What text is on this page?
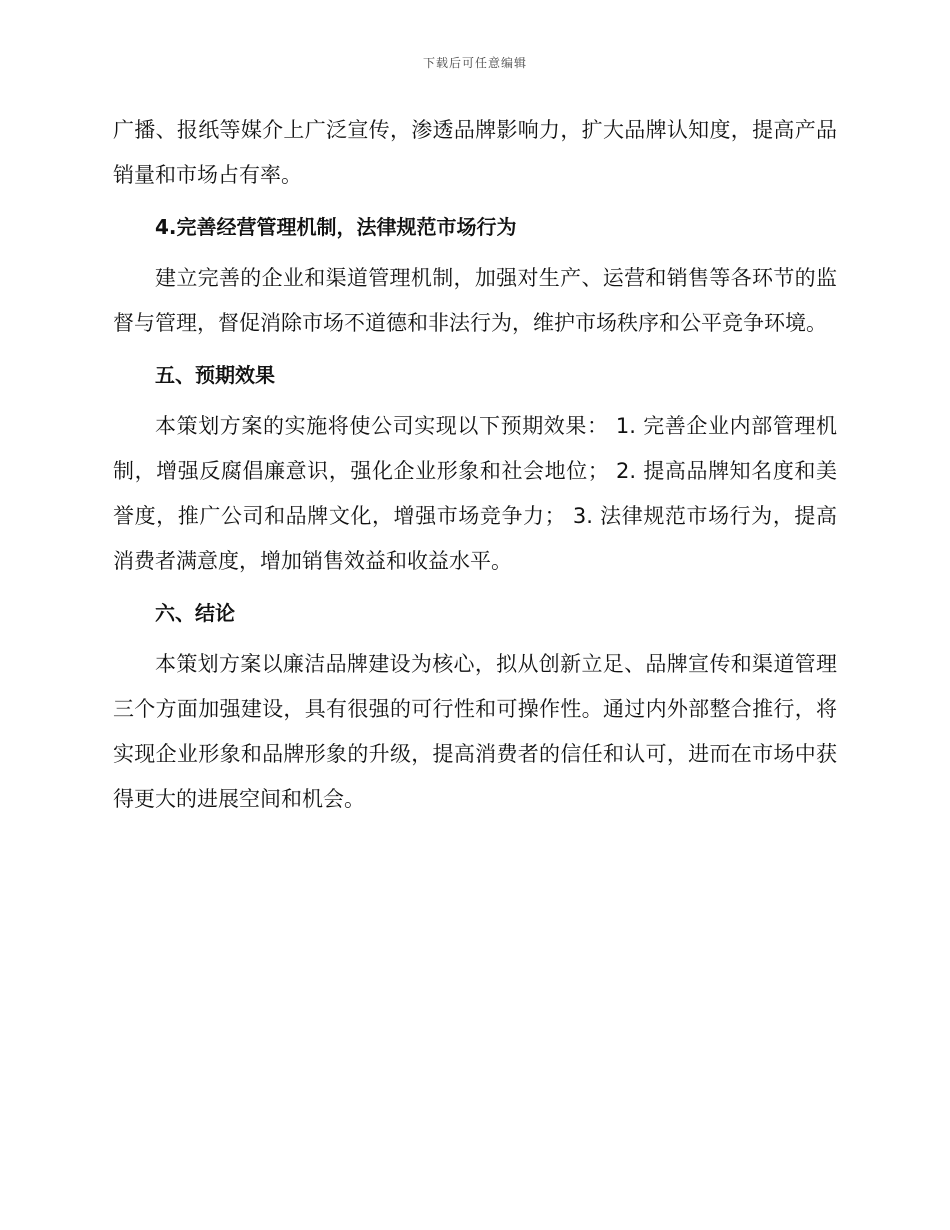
下载后可任意编辑

广播、报纸等媒介上广泛宣传，渗透品牌影响力，扩大品牌认知度，提高产品销量和市场占有率。

4.完善经营管理机制，法律规范市场行为

建立完善的企业和渠道管理机制，加强对生产、运营和销售等各环节的监督与管理，督促消除市场不道德和非法行为，维护市场秩序和公平竞争环境。

五、预期效果

本策划方案的实施将使公司实现以下预期效果： 1. 完善企业内部管理机制，增强反腐倡廉意识，强化企业形象和社会地位； 2. 提高品牌知名度和美誉度，推广公司和品牌文化，增强市场竞争力； 3. 法律规范市场行为，提高消费者满意度，增加销售效益和收益水平。

六、结论

本策划方案以廉洁品牌建设为核心，拟从创新立足、品牌宣传和渠道管理三个方面加强建设，具有很强的可行性和可操作性。通过内外部整合推行，将实现企业形象和品牌形象的升级，提高消费者的信任和认可，进而在市场中获得更大的进展空间和机会。
